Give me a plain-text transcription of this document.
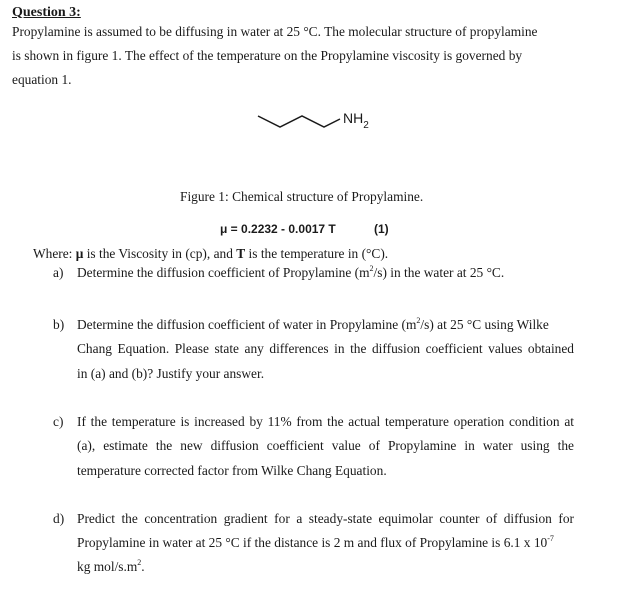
Question 3:
Propylamine is assumed to be diffusing in water at 25 °C. The molecular structure of propylamine
is shown in figure 1. The effect of the temperature on the Propylamine viscosity is governed by
equation 1.
$NH_2$
Figure 1: Chemical structure of Propylamine.
μ = 0.2232 - 0.0017 T	(1)
Where: μ is the Viscosity in (cp), and T is the temperature in (°C).
a) Determine the diffusion coefficient of Propylamine $(m^2/s)$ in the water at 25 °C.
b) Determine the diffusion coefficient of water in Propylamine $(m^2/s)$ at 25 °C using Wilke
Chang Equation. Please state any differences in the diffusion coefficient values obtained
in (a) and (b)? Justify your answer.
c) If the temperature is increased by 11% from the actual temperature operation condition at
(a), estimate the new diffusion coefficient value of Propylamine in water using the
temperature corrected factor from Wilke Chang Equation.
d) Predict the concentration gradient for a steady-state equimolar counter of diffusion for
Propylamine in water at 25 °C if the distance is 2 m and flux of Propylamine is 6.1 x $10^{-7}$
kg mol/$s.m^2$.
